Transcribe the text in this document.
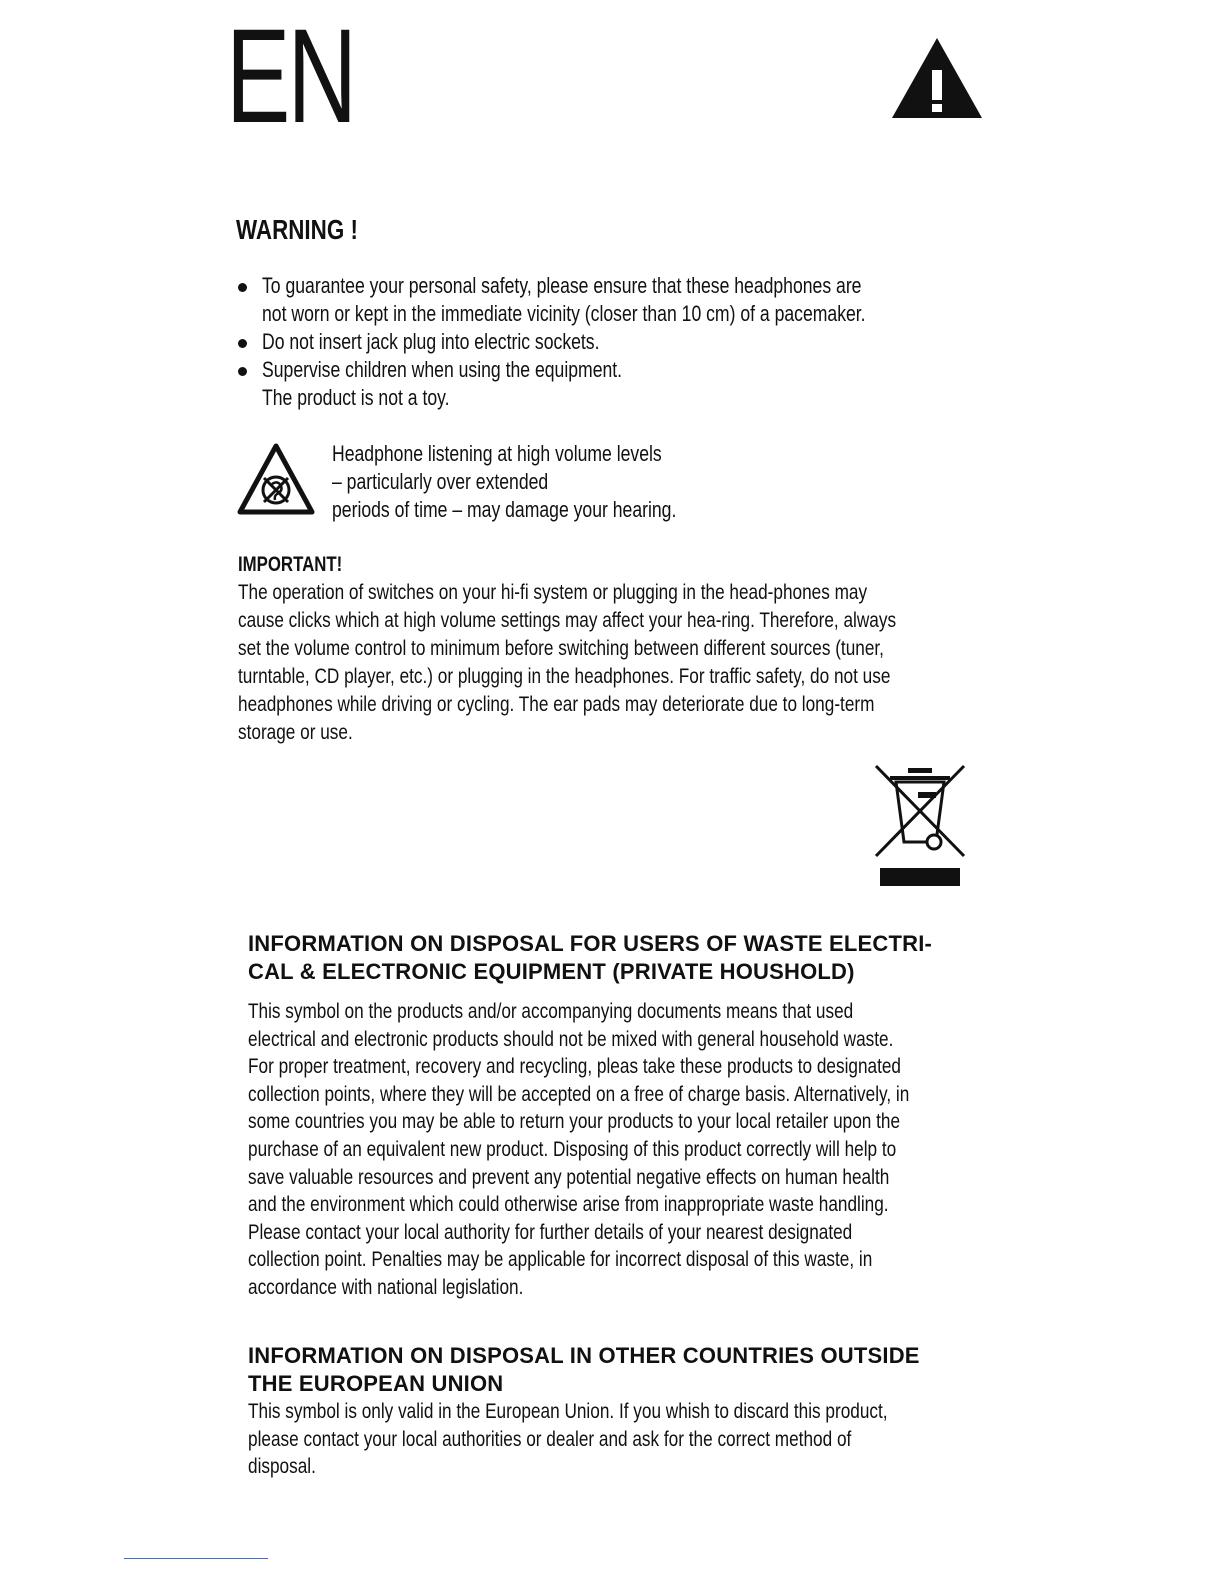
EN
WARNING !
To guarantee your personal safety, please ensure that these headphones are
not worn or kept in the immediate vicinity (closer than 10 cm) of a pacemaker.
Do not insert jack plug into electric sockets.
Supervise children when using the equipment.
The product is not a toy.
Headphone listening at high volume levels
– particularly over extended
periods of time – may damage your hearing.
IMPORTANT!
The operation of switches on your hi-fi system or plugging in the head-phones may
cause clicks which at high volume settings may affect your hea-ring. Therefore, always
set the volume control to minimum before switching between different sources (tuner,
turntable, CD player, etc.) or plugging in the headphones. For traffic safety, do not use
headphones while driving or cycling. The ear pads may deteriorate due to long-term
storage or use.
INFORMATION ON DISPOSAL FOR USERS OF WASTE ELECTRI-
CAL & ELECTRONIC EQUIPMENT (PRIVATE HOUSHOLD)
This symbol on the products and/or accompanying documents means that used
electrical and electronic products should not be mixed with general household waste.
For proper treatment, recovery and recycling, pleas take these products to designated
collection points, where they will be accepted on a free of charge basis. Alternatively, in
some countries you may be able to return your products to your local retailer upon the
purchase of an equivalent new product. Disposing of this product correctly will help to
save valuable resources and prevent any potential negative effects on human health
and the environment which could otherwise arise from inappropriate waste handling.
Please contact your local authority for further details of your nearest designated
collection point. Penalties may be applicable for incorrect disposal of this waste, in
accordance with national legislation.
INFORMATION ON DISPOSAL IN OTHER COUNTRIES OUTSIDE
THE EUROPEAN UNION
This symbol is only valid in the European Union. If you whish to discard this product,
please contact your local authorities or dealer and ask for the correct method of
disposal.
